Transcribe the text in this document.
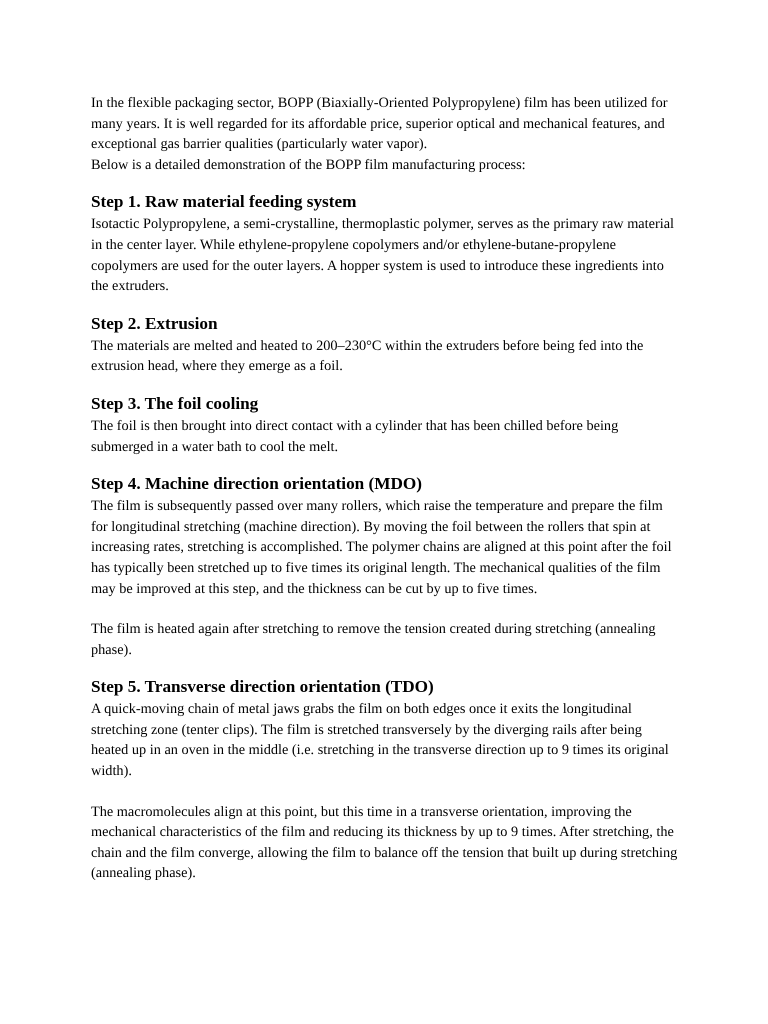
In the flexible packaging sector, BOPP (Biaxially-Oriented Polypropylene) film has been utilized for many years. It is well regarded for its affordable price, superior optical and mechanical features, and exceptional gas barrier qualities (particularly water vapor).

Below is a detailed demonstration of the BOPP film manufacturing process:

Step 1. Raw material feeding system

Isotactic Polypropylene, a semi-crystalline, thermoplastic polymer, serves as the primary raw material in the center layer. While ethylene-propylene copolymers and/or ethylene-butane-propylene copolymers are used for the outer layers. A hopper system is used to introduce these ingredients into the extruders.

Step 2. Extrusion

The materials are melted and heated to 200–230°C within the extruders before being fed into the extrusion head, where they emerge as a foil.

Step 3. The foil cooling

The foil is then brought into direct contact with a cylinder that has been chilled before being submerged in a water bath to cool the melt.

Step 4. Machine direction orientation (MDO)

The film is subsequently passed over many rollers, which raise the temperature and prepare the film for longitudinal stretching (machine direction). By moving the foil between the rollers that spin at increasing rates, stretching is accomplished. The polymer chains are aligned at this point after the foil has typically been stretched up to five times its original length. The mechanical qualities of the film may be improved at this step, and the thickness can be cut by up to five times.

The film is heated again after stretching to remove the tension created during stretching (annealing phase).

Step 5. Transverse direction orientation (TDO)

A quick-moving chain of metal jaws grabs the film on both edges once it exits the longitudinal stretching zone (tenter clips). The film is stretched transversely by the diverging rails after being heated up in an oven in the middle (i.e. stretching in the transverse direction up to 9 times its original width).

The macromolecules align at this point, but this time in a transverse orientation, improving the mechanical characteristics of the film and reducing its thickness by up to 9 times. After stretching, the chain and the film converge, allowing the film to balance off the tension that built up during stretching (annealing phase).
